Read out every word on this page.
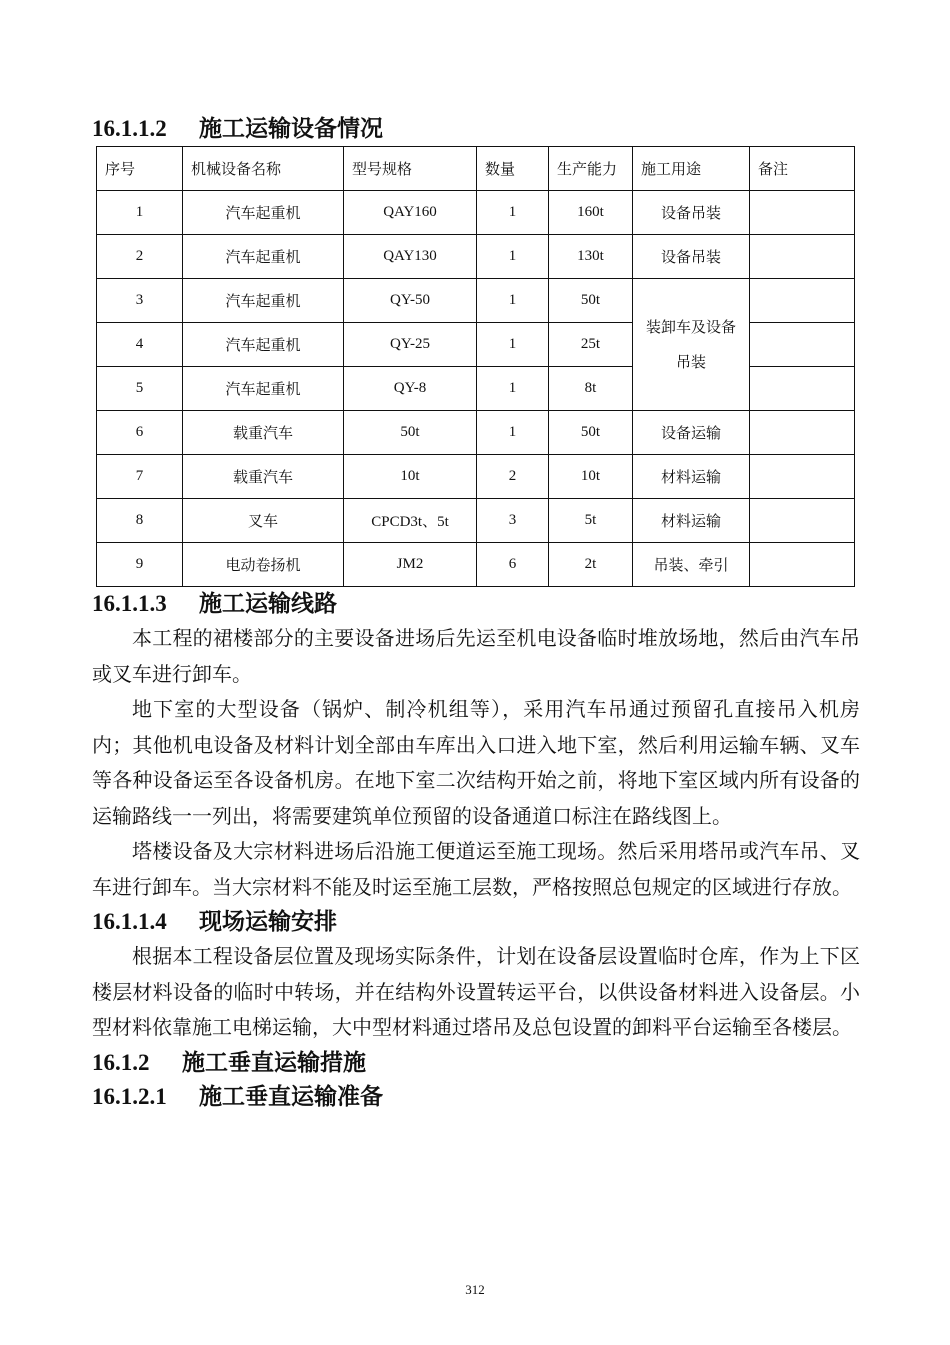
16.1.1.2 施工运输设备情况
序号	机械设备名称	型号规格	数量	生产能力	施工用途	备注
1	汽车起重机	QAY160	1	160t	设备吊装	
2	汽车起重机	QAY130	1	130t	设备吊装	
3	汽车起重机	QY-50	1	50t	装卸车及设备吊装	
4	汽车起重机	QY-25	1	25t		
5	汽车起重机	QY-8	1	8t		
6	载重汽车	50t	1	50t	设备运输	
7	载重汽车	10t	2	10t	材料运输	
8	叉车	CPCD3t、5t	3	5t	材料运输	
9	电动卷扬机	JM2	6	2t	吊装、牵引	
16.1.1.3 施工运输线路

本工程的裙楼部分的主要设备进场后先运至机电设备临时堆放场地，然后由汽车吊或叉车进行卸车。

地下室的大型设备（锅炉、制冷机组等），采用汽车吊通过预留孔直接吊入机房内；其他机电设备及材料计划全部由车库出入口进入地下室，然后利用运输车辆、叉车等各种设备运至各设备机房。在地下室二次结构开始之前，将地下室区域内所有设备的运输路线一一列出，将需要建筑单位预留的设备通道口标注在路线图上。

塔楼设备及大宗材料进场后沿施工便道运至施工现场。然后采用塔吊或汽车吊、叉车进行卸车。当大宗材料不能及时运至施工层数，严格按照总包规定的区域进行存放。

16.1.1.4 现场运输安排

根据本工程设备层位置及现场实际条件，计划在设备层设置临时仓库，作为上下区楼层材料设备的临时中转场，并在结构外设置转运平台，以供设备材料进入设备层。小型材料依靠施工电梯运输，大中型材料通过塔吊及总包设置的卸料平台运输至各楼层。

16.1.2 施工垂直运输措施
16.1.2.1 施工垂直运输准备
312
